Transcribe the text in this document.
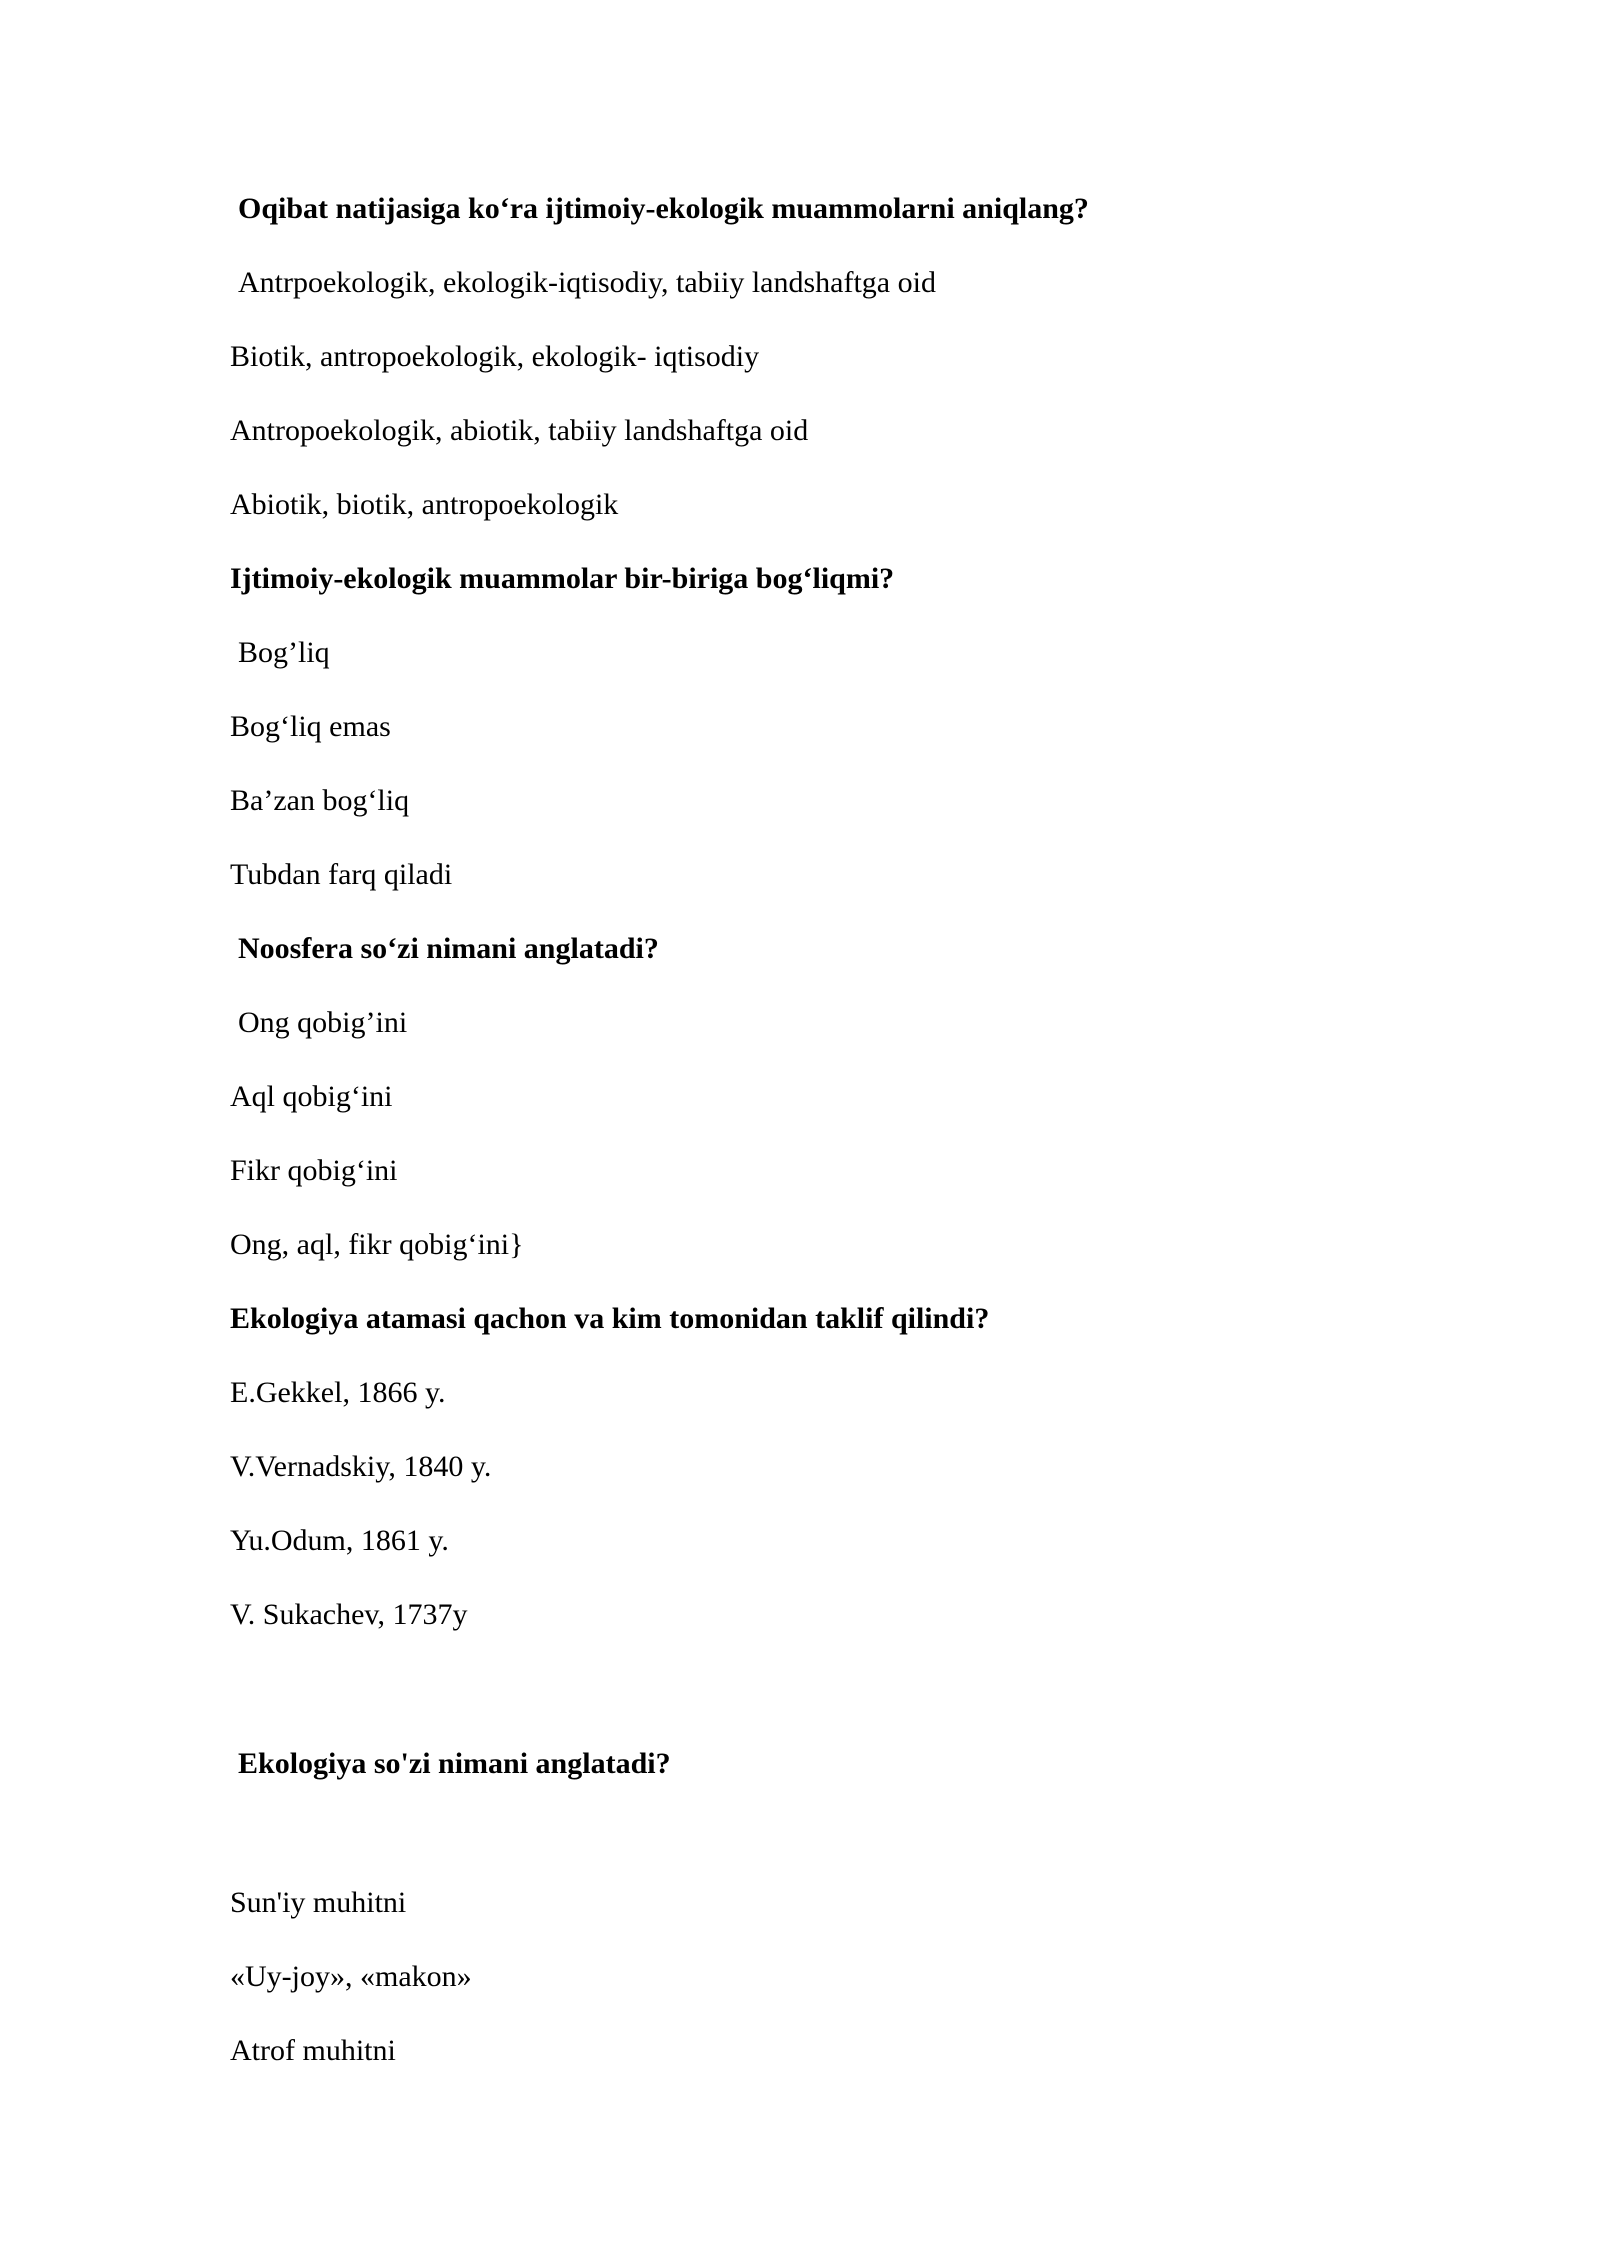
Oqibat natijasiga ko‘ra ijtimoiy-ekologik muammolarni aniqlang?
Antrpoekologik, ekologik-iqtisodiy, tabiiy landshaftga oid
Biotik, antropoekologik, ekologik- iqtisodiy
Antropoekologik, abiotik, tabiiy landshaftga oid
Abiotik, biotik, antropoekologik
Ijtimoiy-ekologik muammolar bir-biriga bog‘liqmi?
Bog’liq
Bog‘liq emas
Ba’zan bog‘liq
Tubdan farq qiladi
Noosfera so‘zi nimani anglatadi?
Ong qobig’ini
Aql qobig‘ini
Fikr qobig‘ini
Ong, aql, fikr qobig‘ini}
Ekologiya atamasi qachon va kim tomonidan taklif qilindi?
E.Gekkel, 1866 y.
V.Vernadskiy, 1840 y.
Yu.Odum, 1861 y.
V. Sukachev, 1737y
Ekologiya so'zi nimani anglatadi?
Sun'iy muhitni
«Uy-joy», «makon»
Atrof muhitni
